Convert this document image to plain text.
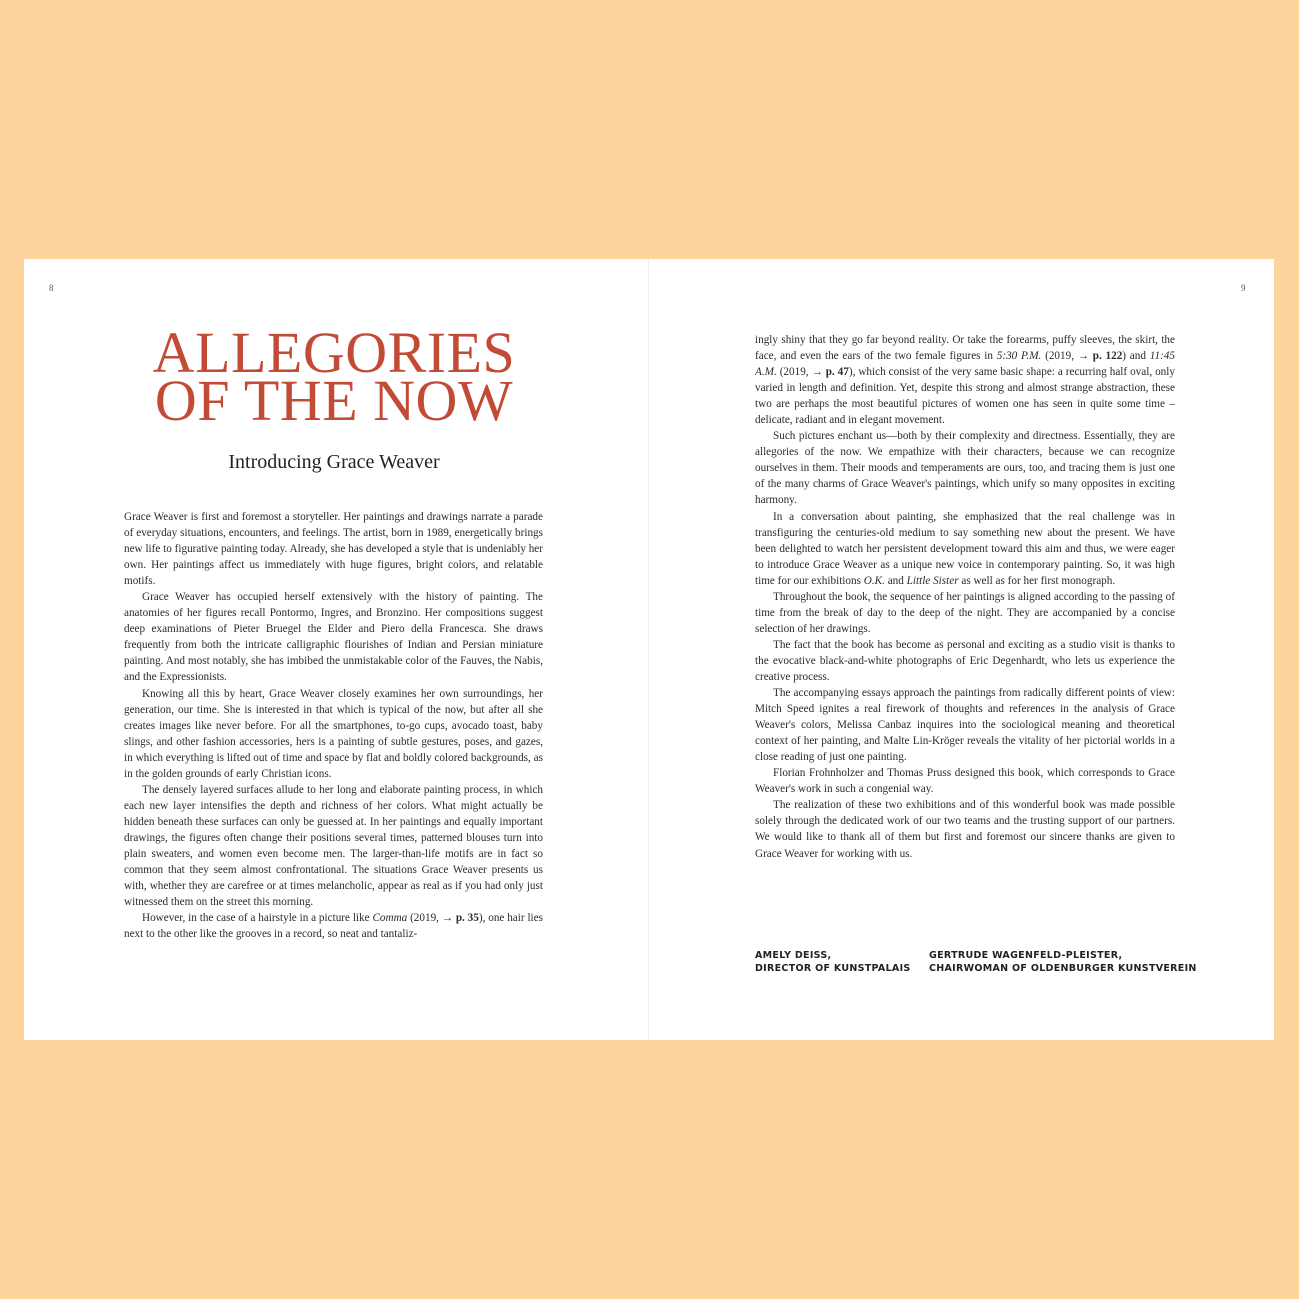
8	9
ALLEGORIES
OF THE NOW
Introducing Grace Weaver

Grace Weaver is first and foremost a storyteller. Her paintings and drawings narrate a parade of everyday situations, encounters, and feelings. The artist, born in 1989, energetically brings new life to figurative painting today. Already, she has developed a style that is undeniably her own. Her paintings affect us immediately with huge figures, bright colors, and relatable motifs.

Grace Weaver has occupied herself extensively with the history of painting. The anatomies of her figures recall Pontormo, Ingres, and Bronzino. Her compositions suggest deep examinations of Pieter Bruegel the Elder and Piero della Francesca. She draws frequently from both the intricate calligraphic flourishes of Indian and Persian miniature painting. And most notably, she has imbibed the unmistakable color of the Fauves, the Nabis, and the Expressionists.

Knowing all this by heart, Grace Weaver closely examines her own surroundings, her generation, our time. She is interested in that which is typical of the now, but after all she creates images like never before. For all the smartphones, to-go cups, avocado toast, baby slings, and other fashion accessories, hers is a painting of subtle gestures, poses, and gazes, in which everything is lifted out of time and space by flat and boldly colored backgrounds, as in the golden grounds of early Christian icons.

The densely layered surfaces allude to her long and elaborate painting process, in which each new layer intensifies the depth and richness of her colors. What might actually be hidden beneath these surfaces can only be guessed at. In her paintings and equally important drawings, the figures often change their positions several times, patterned blouses turn into plain sweaters, and women even become men. The larger-than-life motifs are in fact so common that they seem almost confrontational. The situations Grace Weaver presents us with, whether they are carefree or at times melancholic, appear as real as if you had only just witnessed them on the street this morning.

However, in the case of a hairstyle in a picture like Comma (2019, → p. 35), one hair lies next to the other like the grooves in a record, so neat and tantaliz-

ingly shiny that they go far beyond reality. Or take the forearms, puffy sleeves, the skirt, the face, and even the ears of the two female figures in 5:30 P.M. (2019, → p. 122) and 11:45 A.M. (2019, → p. 47), which consist of the very same basic shape: a recurring half oval, only varied in length and definition. Yet, despite this strong and almost strange abstraction, these two are perhaps the most beautiful pictures of women one has seen in quite some time – delicate, radiant and in elegant movement.

Such pictures enchant us—both by their complexity and directness. Essentially, they are allegories of the now. We empathize with their characters, because we can recognize ourselves in them. Their moods and temperaments are ours, too, and tracing them is just one of the many charms of Grace Weaver's paintings, which unify so many opposites in exciting harmony.

In a conversation about painting, she emphasized that the real challenge was in transfiguring the centuries-old medium to say something new about the present. We have been delighted to watch her persistent development toward this aim and thus, we were eager to introduce Grace Weaver as a unique new voice in contemporary painting. So, it was high time for our exhibitions O.K. and Little Sister as well as for her first monograph.

Throughout the book, the sequence of her paintings is aligned according to the passing of time from the break of day to the deep of the night. They are accompanied by a concise selection of her drawings.

The fact that the book has become as personal and exciting as a studio visit is thanks to the evocative black-and-white photographs of Eric Degenhardt, who lets us experience the creative process.

The accompanying essays approach the paintings from radically different points of view: Mitch Speed ignites a real firework of thoughts and references in the analysis of Grace Weaver's colors, Melissa Canbaz inquires into the sociological meaning and theoretical context of her painting, and Malte Lin-Kröger reveals the vitality of her pictorial worlds in a close reading of just one painting.

Florian Frohnholzer and Thomas Pruss designed this book, which corresponds to Grace Weaver's work in such a congenial way.

The realization of these two exhibitions and of this wonderful book was made possible solely through the dedicated work of our two teams and the trusting support of our partners. We would like to thank all of them but first and foremost our sincere thanks are given to Grace Weaver for working with us.

AMELY DEISS,
DIRECTOR OF KUNSTPALAIS
GERTRUDE WAGENFELD-PLEISTER,
CHAIRWOMAN OF OLDENBURGER KUNSTVEREIN
